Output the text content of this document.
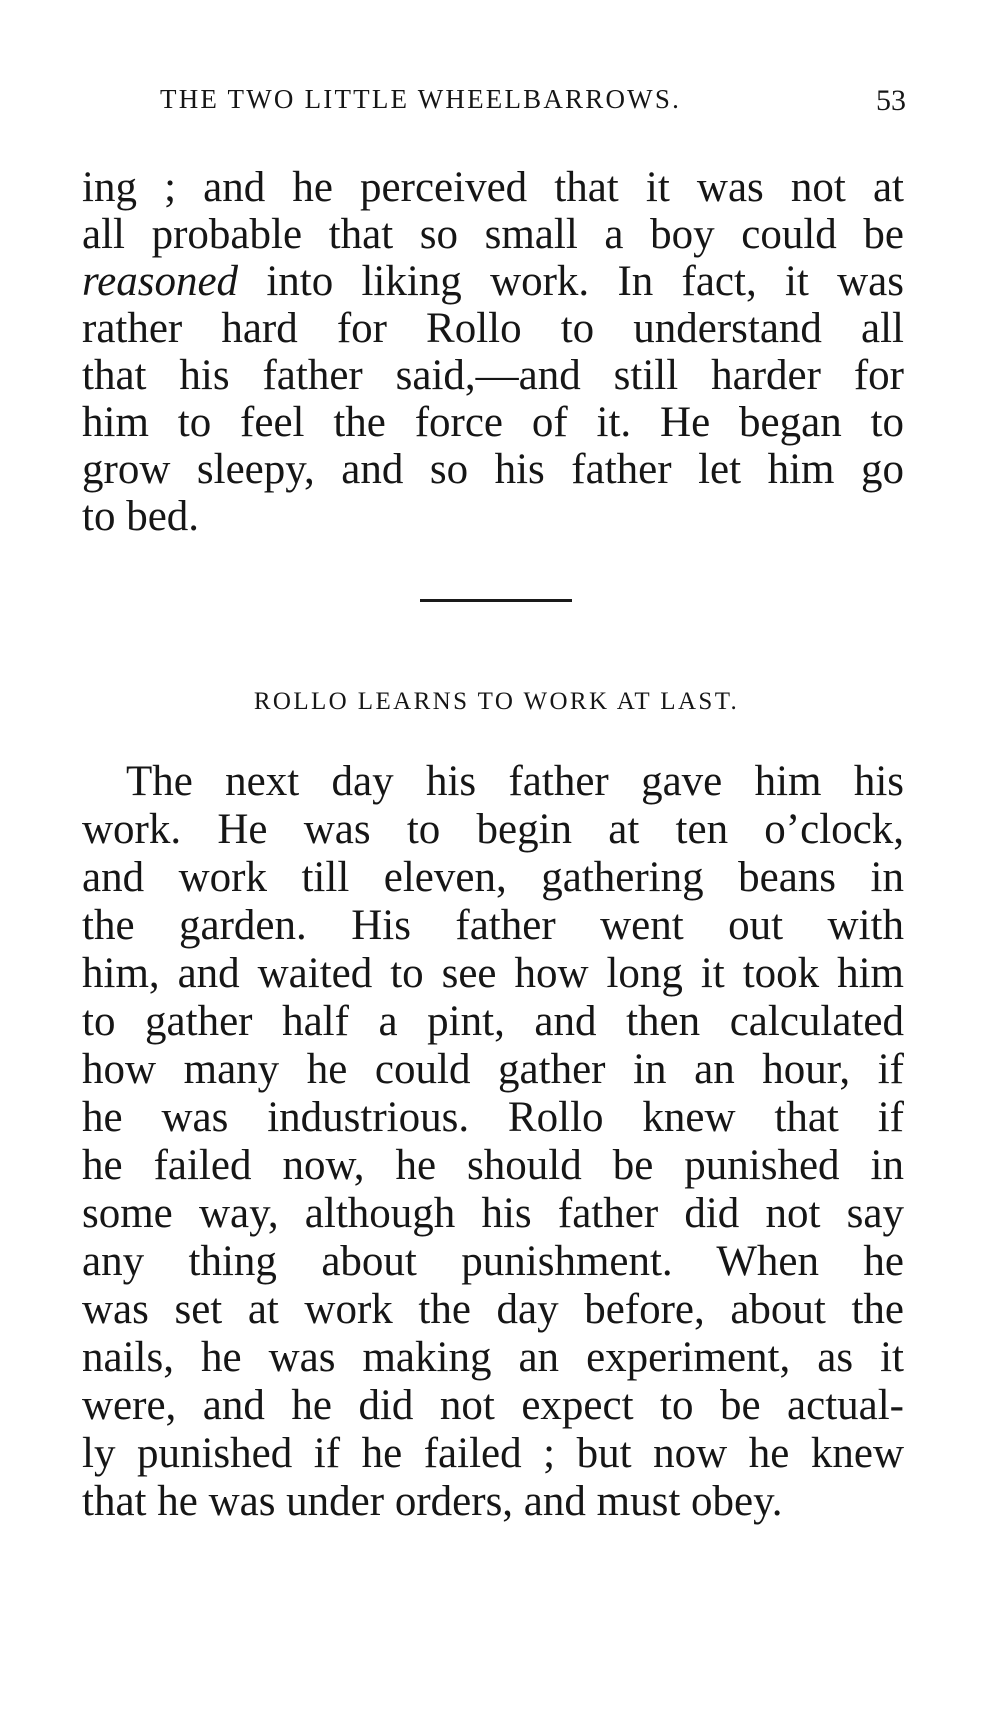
THE TWO LITTLE WHEELBARROWS.	53
ing ; and he perceived that it was not at
all probable that so small a boy could be
reasoned into liking work. In fact, it was
rather hard for Rollo to understand all
that his father said,—and still harder for
him to feel the force of it. He began to
grow sleepy, and so his father let him go
to bed.
ROLLO LEARNS TO WORK AT LAST.
The next day his father gave him his
work. He was to begin at ten o’clock,
and work till eleven, gathering beans in
the garden. His father went out with
him, and waited to see how long it took him
to gather half a pint, and then calculated
how many he could gather in an hour, if
he was industrious. Rollo knew that if
he failed now, he should be punished in
some way, although his father did not say
any thing about punishment. When he
was set at work the day before, about the
nails, he was making an experiment, as it
were, and he did not expect to be actual-
ly punished if he failed ; but now he knew
that he was under orders, and must obey.
